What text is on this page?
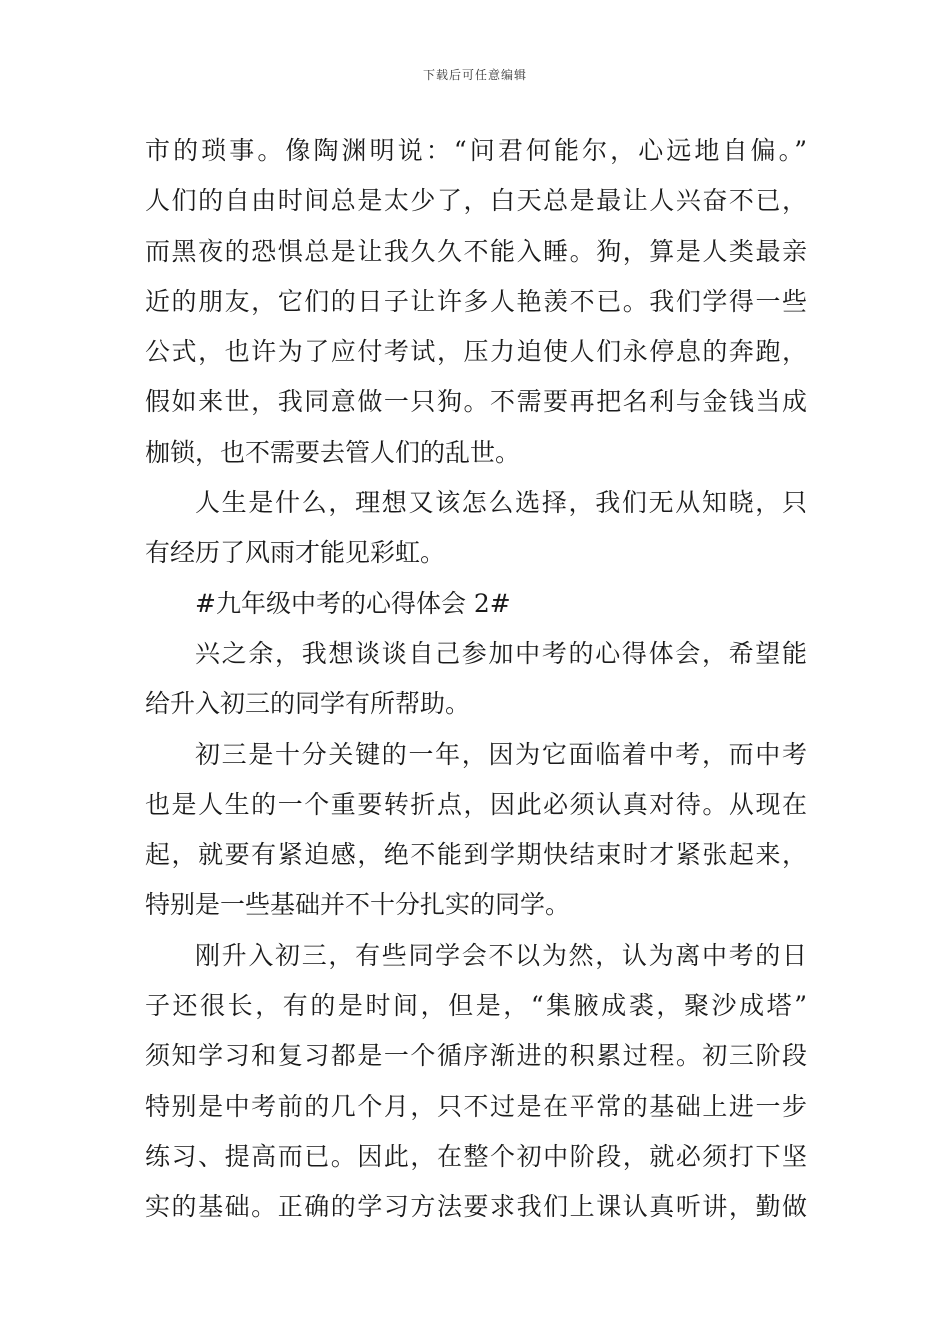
下载后可任意编辑
市的琐事。像陶渊明说：“问君何能尔，心远地自偏。”
人们的自由时间总是太少了，白天总是最让人兴奋不已，
而黑夜的恐惧总是让我久久不能入睡。狗，算是人类最亲
近的朋友，它们的日子让许多人艳羡不已。我们学得一些
公式，也许为了应付考试，压力迫使人们永停息的奔跑，
假如来世，我同意做一只狗。不需要再把名利与金钱当成
枷锁，也不需要去管人们的乱世。
人生是什么，理想又该怎么选择，我们无从知晓，只
有经历了风雨才能见彩虹。
#九年级中考的心得体会 2#
兴之余，我想谈谈自己参加中考的心得体会，希望能
给升入初三的同学有所帮助。
初三是十分关键的一年，因为它面临着中考，而中考
也是人生的一个重要转折点，因此必须认真对待。从现在
起，就要有紧迫感，绝不能到学期快结束时才紧张起来，
特别是一些基础并不十分扎实的同学。
刚升入初三，有些同学会不以为然，认为离中考的日
子还很长，有的是时间，但是，“集腋成裘，聚沙成塔”
须知学习和复习都是一个循序渐进的积累过程。初三阶段
特别是中考前的几个月，只不过是在平常的基础上进一步
练习、提高而已。因此，在整个初中阶段，就必须打下坚
实的基础。正确的学习方法要求我们上课认真听讲，勤做
